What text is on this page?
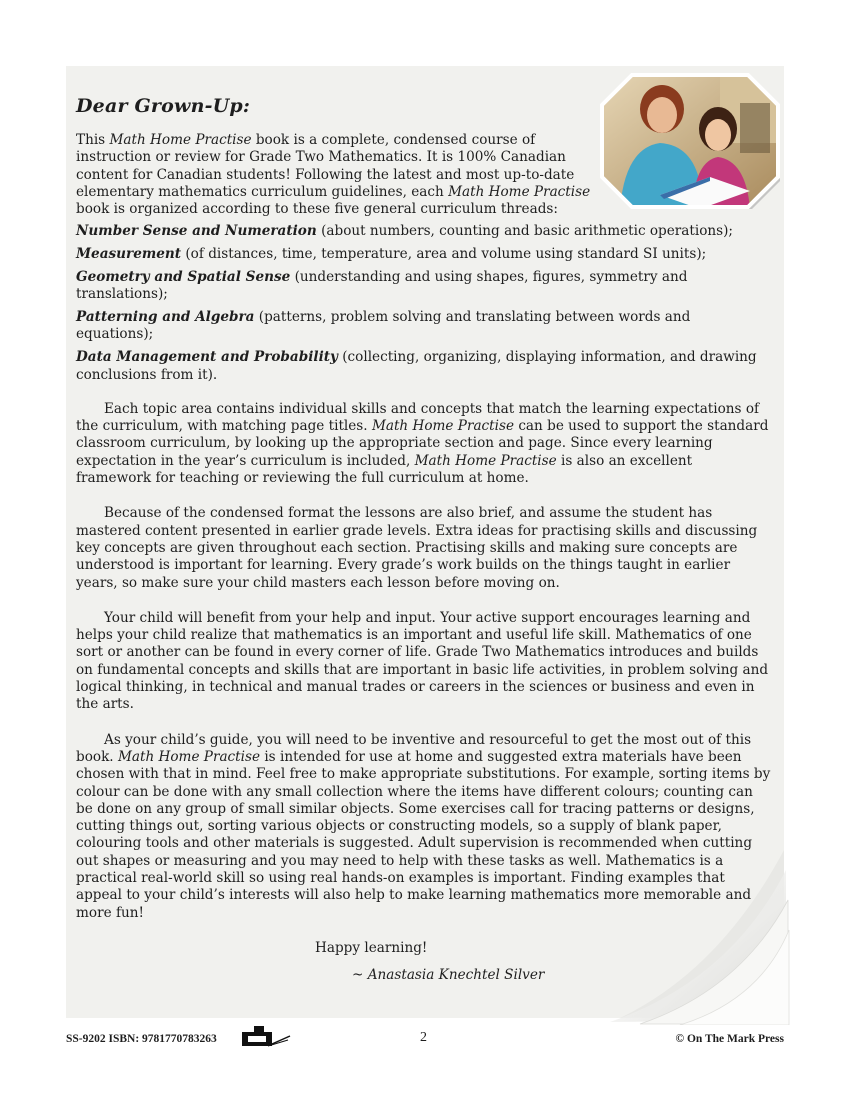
Dear Grown-Up:
This Math Home Practise book is a complete, condensed course of instruction or review for Grade Two Mathematics. It is 100% Canadian content for Canadian students! Following the latest and most up-to-date elementary mathematics curriculum guidelines, each Math Home Practise book is organized according to these five general curriculum threads:
Number Sense and Numeration (about numbers, counting and basic arithmetic operations);
Measurement (of distances, time, temperature, area and volume using standard SI units);
Geometry and Spatial Sense (understanding and using shapes, figures, symmetry and translations);
Patterning and Algebra (patterns, problem solving and translating between words and equations);
Data Management and Probability (collecting, organizing, displaying information, and drawing conclusions from it).

Each topic area contains individual skills and concepts that match the learning expectations of the curriculum, with matching page titles. Math Home Practise can be used to support the standard classroom curriculum, by looking up the appropriate section and page. Since every learning expectation in the year’s curriculum is included, Math Home Practise is also an excellent framework for teaching or reviewing the full curriculum at home.

Because of the condensed format the lessons are also brief, and assume the student has mastered content presented in earlier grade levels. Extra ideas for practising skills and discussing key concepts are given throughout each section. Practising skills and making sure concepts are understood is important for learning. Every grade’s work builds on the things taught in earlier years, so make sure your child masters each lesson before moving on.

Your child will benefit from your help and input. Your active support encourages learning and helps your child realize that mathematics is an important and useful life skill. Mathematics of one sort or another can be found in every corner of life. Grade Two Mathematics introduces and builds on fundamental concepts and skills that are important in basic life activities, in problem solving and logical thinking, in technical and manual trades or careers in the sciences or business and even in the arts.

As your child’s guide, you will need to be inventive and resourceful to get the most out of this book. Math Home Practise is intended for use at home and suggested extra materials have been chosen with that in mind. Feel free to make appropriate substitutions. For example, sorting items by colour can be done with any small collection where the items have different colours; counting can be done on any group of small similar objects. Some exercises call for tracing patterns or designs, cutting things out, sorting various objects or constructing models, so a supply of blank paper, colouring tools and other materials is suggested. Adult supervision is recommended when cutting out shapes or measuring and you may need to help with these tasks as well. Mathematics is a practical real-world skill so using real hands-on examples is important. Finding examples that appeal to your child’s interests will also help to make learning mathematics more memorable and more fun!

Happy learning!
~ Anastasia Knechtel Silver
SS-9202 ISBN: 9781770783263	2	© On The Mark Press
